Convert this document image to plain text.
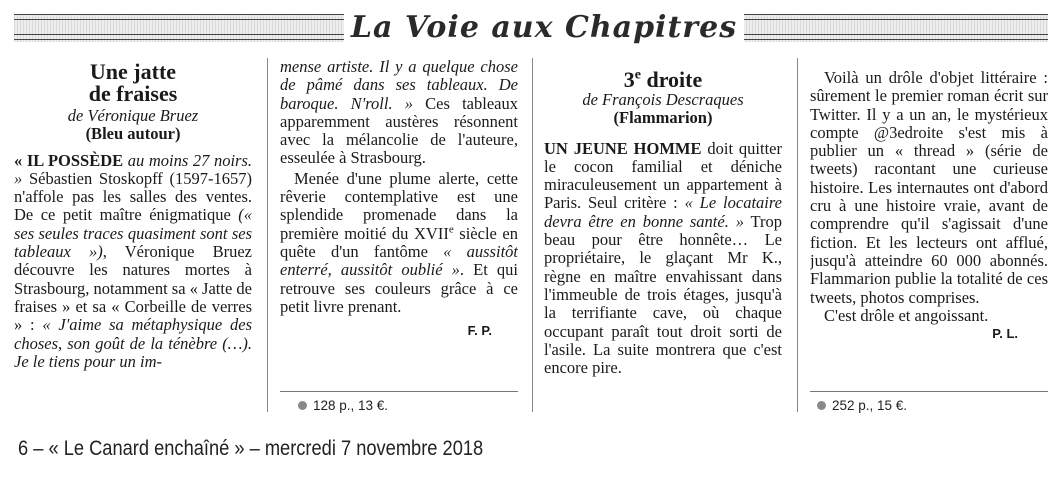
La Voie aux Chapitres
Une jatte
de fraises
de Véronique Bruez
(Bleu autour)

« IL POSSÈDE au moins 27 noirs. » Sébastien Stoskopff (1597-1657) n'affole pas les salles des ventes. De ce petit maître énigmatique (« ses seules traces quasiment sont ses tableaux »), Véronique Bruez découvre les natures mortes à Strasbourg, notamment sa « Jatte de fraises » et sa « Corbeille de verres » : « J'aime sa métaphysique des choses, son goût de la ténèbre (…). Je le tiens pour un im-

mense artiste. Il y a quelque chose de pâmé dans ses tableaux. De baroque. N'roll. » Ces tableaux apparemment austères résonnent avec la mélancolie de l'auteure, esseulée à Strasbourg.

Menée d'une plume alerte, cette rêverie contemplative est une splendide promenade dans la première moitié du XVIIe siècle en quête d'un fantôme « aussitôt enterré, aussitôt oublié ». Et qui retrouve ses couleurs grâce à ce petit livre prenant.

F. P.
3e droite
de François Descraques
(Flammarion)

UN JEUNE HOMME doit quitter le cocon familial et déniche miraculeusement un appartement à Paris. Seul critère : « Le locataire devra être en bonne santé. » Trop beau pour être honnête… Le propriétaire, le glaçant Mr K., règne en maître envahissant dans l'immeuble de trois étages, jusqu'à la terrifiante cave, où chaque occupant paraît tout droit sorti de l'asile. La suite montrera que c'est encore pire.

Voilà un drôle d'objet littéraire : sûrement le premier roman écrit sur Twitter. Il y a un an, le mystérieux compte @3edroite s'est mis à publier un « thread » (série de tweets) racontant une curieuse histoire. Les internautes ont d'abord cru à une histoire vraie, avant de comprendre qu'il s'agissait d'une fiction. Et les lecteurs ont afflué, jusqu'à atteindre 60 000 abonnés. Flammarion publie la totalité de ces tweets, photos comprises.

C'est drôle et angoissant.

P. L.
128 p., 13 €.	252 p., 15 €.
6 – « Le Canard enchaîné » – mercredi 7 novembre 2018
